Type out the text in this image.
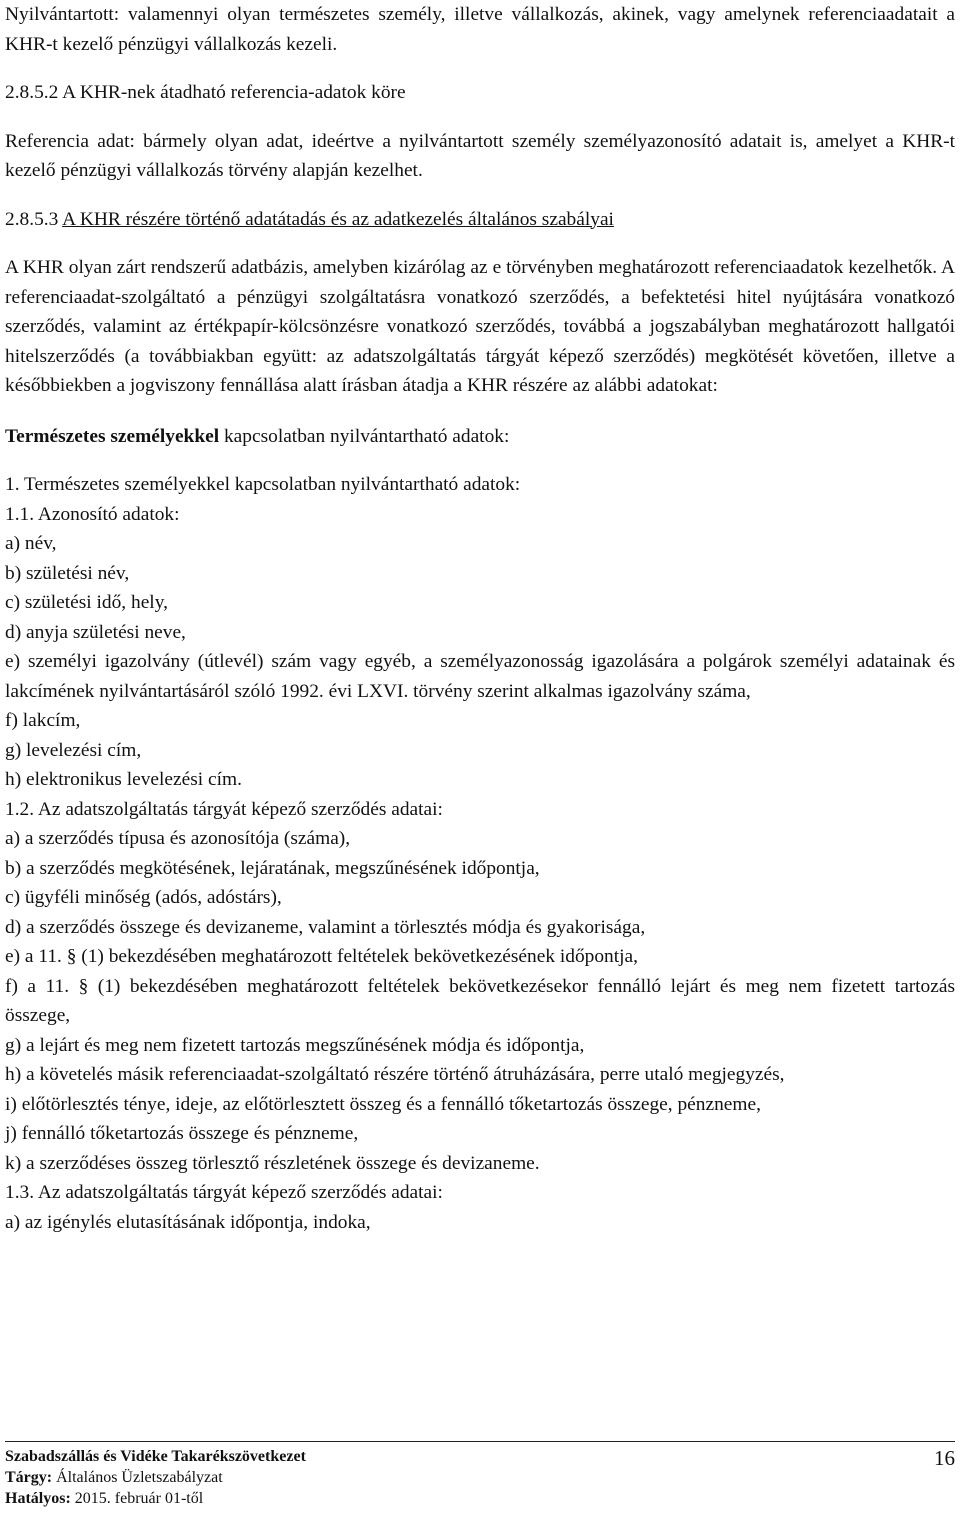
Nyilvántartott: valamennyi olyan természetes személy, illetve vállalkozás, akinek, vagy amelynek referenciaadatait a KHR-t kezelő pénzügyi vállalkozás kezeli.

2.8.5.2 A KHR-nek átadható referencia-adatok köre

Referencia adat: bármely olyan adat, ideértve a nyilvántartott személy személyazonosító adatait is, amelyet a KHR-t kezelő pénzügyi vállalkozás törvény alapján kezelhet.

2.8.5.3 A KHR részére történő adatátadás és az adatkezelés általános szabályai

A KHR olyan zárt rendszerű adatbázis, amelyben kizárólag az e törvényben meghatározott referenciaadatok kezelhetők. A referenciaadat-szolgáltató a pénzügyi szolgáltatásra vonatkozó szerződés, a befektetési hitel nyújtására vonatkozó szerződés, valamint az értékpapír-kölcsönzésre vonatkozó szerződés, továbbá a jogszabályban meghatározott hallgatói hitelszerződés (a továbbiakban együtt: az adatszolgáltatás tárgyát képező szerződés) megkötését követően, illetve a későbbiekben a jogviszony fennállása alatt írásban átadja a KHR részére az alábbi adatokat:

Természetes személyekkel kapcsolatban nyilvántartható adatok:

1. Természetes személyekkel kapcsolatban nyilvántartható adatok:

1.1. Azonosító adatok:

a) név,

b) születési név,

c) születési idő, hely,

d) anyja születési neve,

e) személyi igazolvány (útlevél) szám vagy egyéb, a személyazonosság igazolására a polgárok személyi adatainak és lakcímének nyilvántartásáról szóló 1992. évi LXVI. törvény szerint alkalmas igazolvány száma,

f) lakcím,

g) levelezési cím,

h) elektronikus levelezési cím.

1.2. Az adatszolgáltatás tárgyát képező szerződés adatai:

a) a szerződés típusa és azonosítója (száma),

b) a szerződés megkötésének, lejáratának, megszűnésének időpontja,

c) ügyféli minőség (adós, adóstárs),

d) a szerződés összege és devizaneme, valamint a törlesztés módja és gyakorisága,

e) a 11. § (1) bekezdésében meghatározott feltételek bekövetkezésének időpontja,

f) a 11. § (1) bekezdésében meghatározott feltételek bekövetkezésekor fennálló lejárt és meg nem fizetett tartozás összege,

g) a lejárt és meg nem fizetett tartozás megszűnésének módja és időpontja,

h) a követelés másik referenciaadat-szolgáltató részére történő átruházására, perre utaló megjegyzés,

i) előtörlesztés ténye, ideje, az előtörlesztett összeg és a fennálló tőketartozás összege, pénzneme,

j) fennálló tőketartozás összege és pénzneme,

k) a szerződéses összeg törlesztő részletének összege és devizaneme.

1.3. Az adatszolgáltatás tárgyát képező szerződés adatai:

a) az igénylés elutasításának időpontja, indoka,

Szabadszállás és Vidéke Takarékszövetkezet
Tárgy: Általános Üzletszabályzat
Hatályos: 2015. február 01-től
16
